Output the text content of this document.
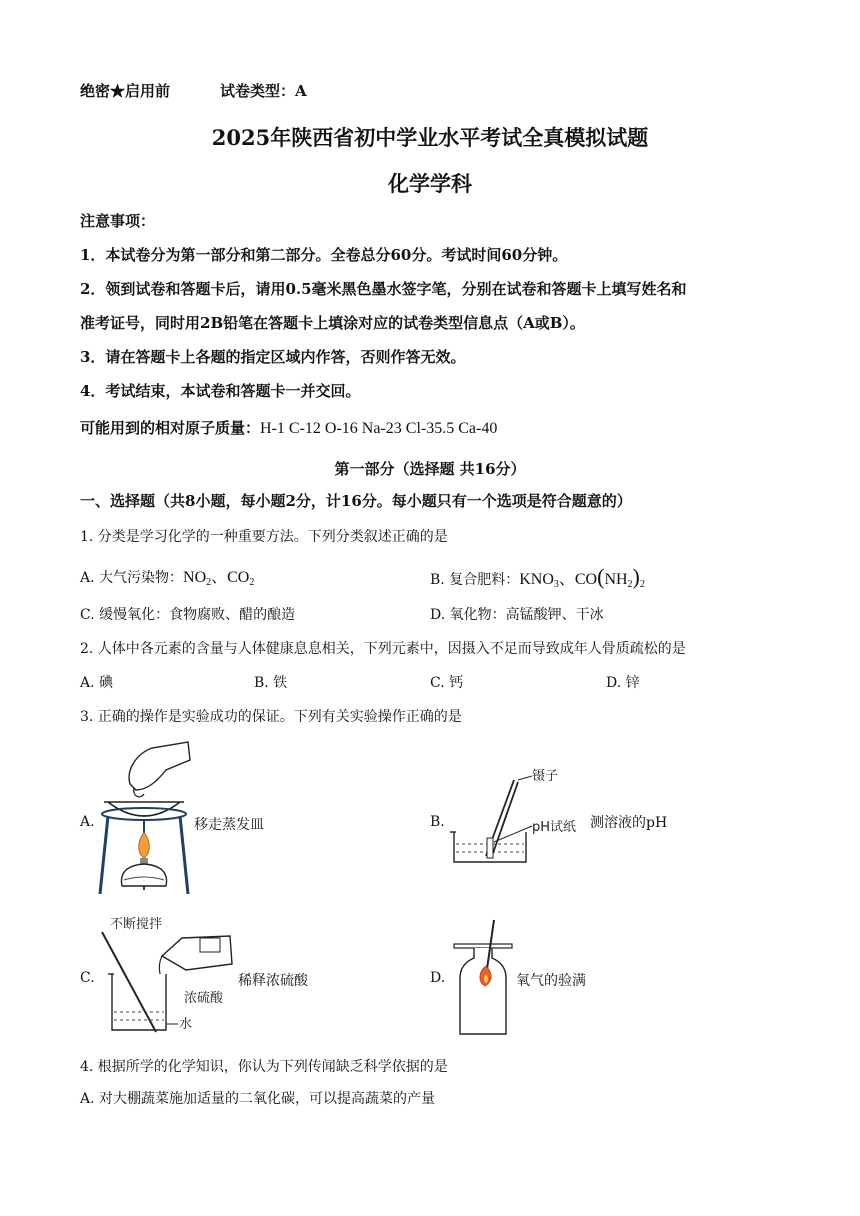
绝密★启用前	试卷类型：A
2025年陕西省初中学业水平考试全真模拟试题
化学学科
注意事项：
1．本试卷分为第一部分和第二部分。全卷总分60分。考试时间60分钟。
2．领到试卷和答题卡后，请用0.5毫米黑色墨水签字笔，分别在试卷和答题卡上填写姓名和
准考证号，同时用2B铅笔在答题卡上填涂对应的试卷类型信息点（A或B）。
3．请在答题卡上各题的指定区域内作答，否则作答无效。
4．考试结束，本试卷和答题卡一并交回。
可能用到的相对原子质量：H-1 C-12 O-16 Na-23 Cl-35.5 Ca-40
第一部分（选择题 共16分）
一、选择题（共8小题，每小题2分，计16分。每小题只有一个选项是符合题意的）
1. 分类是学习化学的一种重要方法。下列分类叙述正确的是
A. 大气污染物：$NO_2$、$CO_2$	B. 复合肥料：$KNO_3$、$CO(NH_2)_2$
C. 缓慢氧化：食物腐败、醋的酿造	D. 氧化物：高锰酸钾、干冰
2. 人体中各元素的含量与人体健康息息相关，下列元素中，因摄入不足而导致成年人骨质疏松的是
A. 碘	B. 铁	C. 钙	D. 锌
3. 正确的操作是实验成功的保证。下列有关实验操作正确的是
A.	移走蒸发皿	B.
镊子
pH试纸 测溶液的pH
C.
不断搅拌
浓硫酸
水
稀释浓硫酸	D.	氧气的验满
4. 根据所学的化学知识，你认为下列传闻缺乏科学依据的是
A. 对大棚蔬菜施加适量的二氧化碳，可以提高蔬菜的产量
